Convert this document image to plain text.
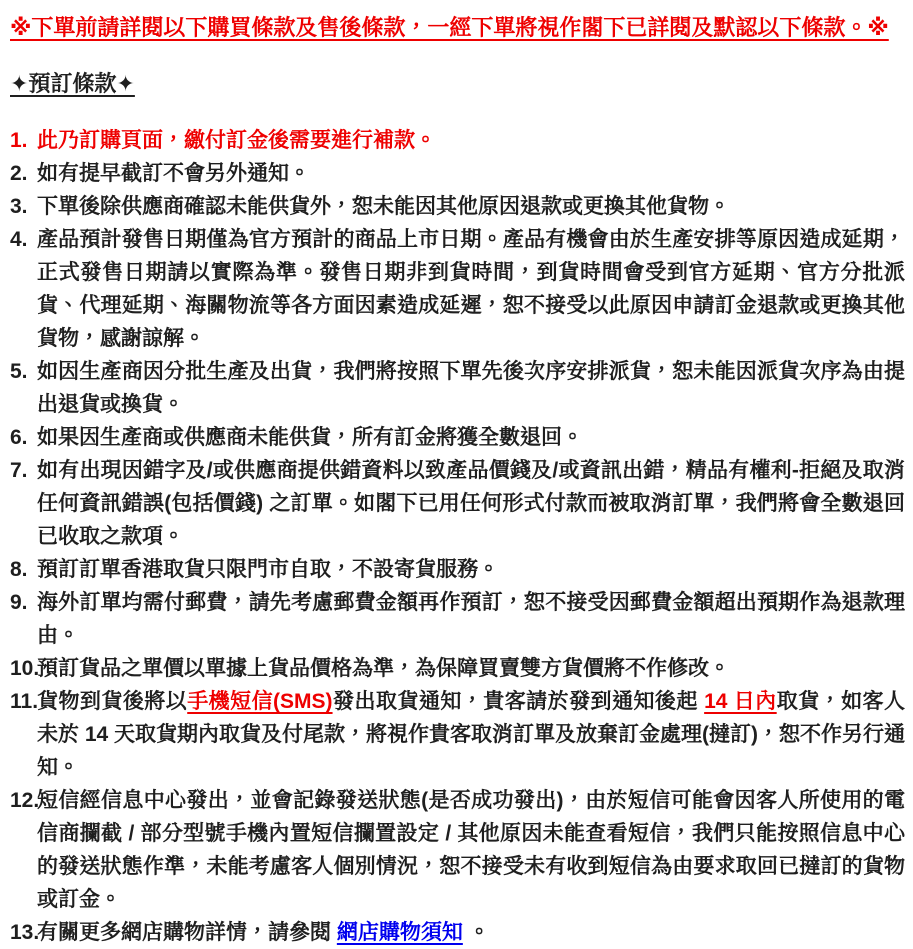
※下單前請詳閱以下購買條款及售後條款，一經下單將視作閣下已詳閱及默認以下條款。※
✦預訂條款✦
1. 此乃訂購頁面，繳付訂金後需要進行補款。
2. 如有提早截訂不會另外通知。
3. 下單後除供應商確認未能供貨外，恕未能因其他原因退款或更換其他貨物。
4. 產品預計發售日期僅為官方預計的商品上市日期。產品有機會由於生產安排等原因造成延期，正式發售日期請以實際為準。發售日期非到貨時間，到貨時間會受到官方延期、官方分批派貨、代理延期、海關物流等各方面因素造成延遲，恕不接受以此原因申請訂金退款或更換其他貨物，感謝諒解。
5. 如因生產商因分批生產及出貨，我們將按照下單先後次序安排派貨，恕未能因派貨次序為由提出退貨或換貨。
6. 如果因生產商或供應商未能供貨，所有訂金將獲全數退回。
7. 如有出現因錯字及/或供應商提供錯資料以致產品價錢及/或資訊出錯，精品有權利-拒絕及取消任何資訊錯誤(包括價錢) 之訂單。如閣下已用任何形式付款而被取消訂單，我們將會全數退回已收取之款項。
8. 預訂訂單香港取貨只限門市自取，不設寄貨服務。
9. 海外訂單均需付郵費，請先考慮郵費金額再作預訂，恕不接受因郵費金額超出預期作為退款理由。
10.
預訂貨品之單價以單據上貨品價格為準，為保障買賣雙方貨價將不作修改。
11.
貨物到貨後將以手機短信(SMS)發出取貨通知，貴客請於發到通知後起 14 日內取貨，如客人未於 14 天取貨期內取貨及付尾款，將視作貴客取消訂單及放棄訂金處理(撻訂)，恕不作另行通知。
12.
短信經信息中心發出，並會記錄發送狀態(是否成功發出)，由於短信可能會因客人所使用的電信商攔截 / 部分型號手機內置短信攔置設定 / 其他原因未能查看短信，我們只能按照信息中心的發送狀態作準，未能考慮客人個別情況，恕不接受未有收到短信為由要求取回已撻訂的貨物或訂金。
13.
有關更多網店購物詳情，請參閱 網店購物須知 。
